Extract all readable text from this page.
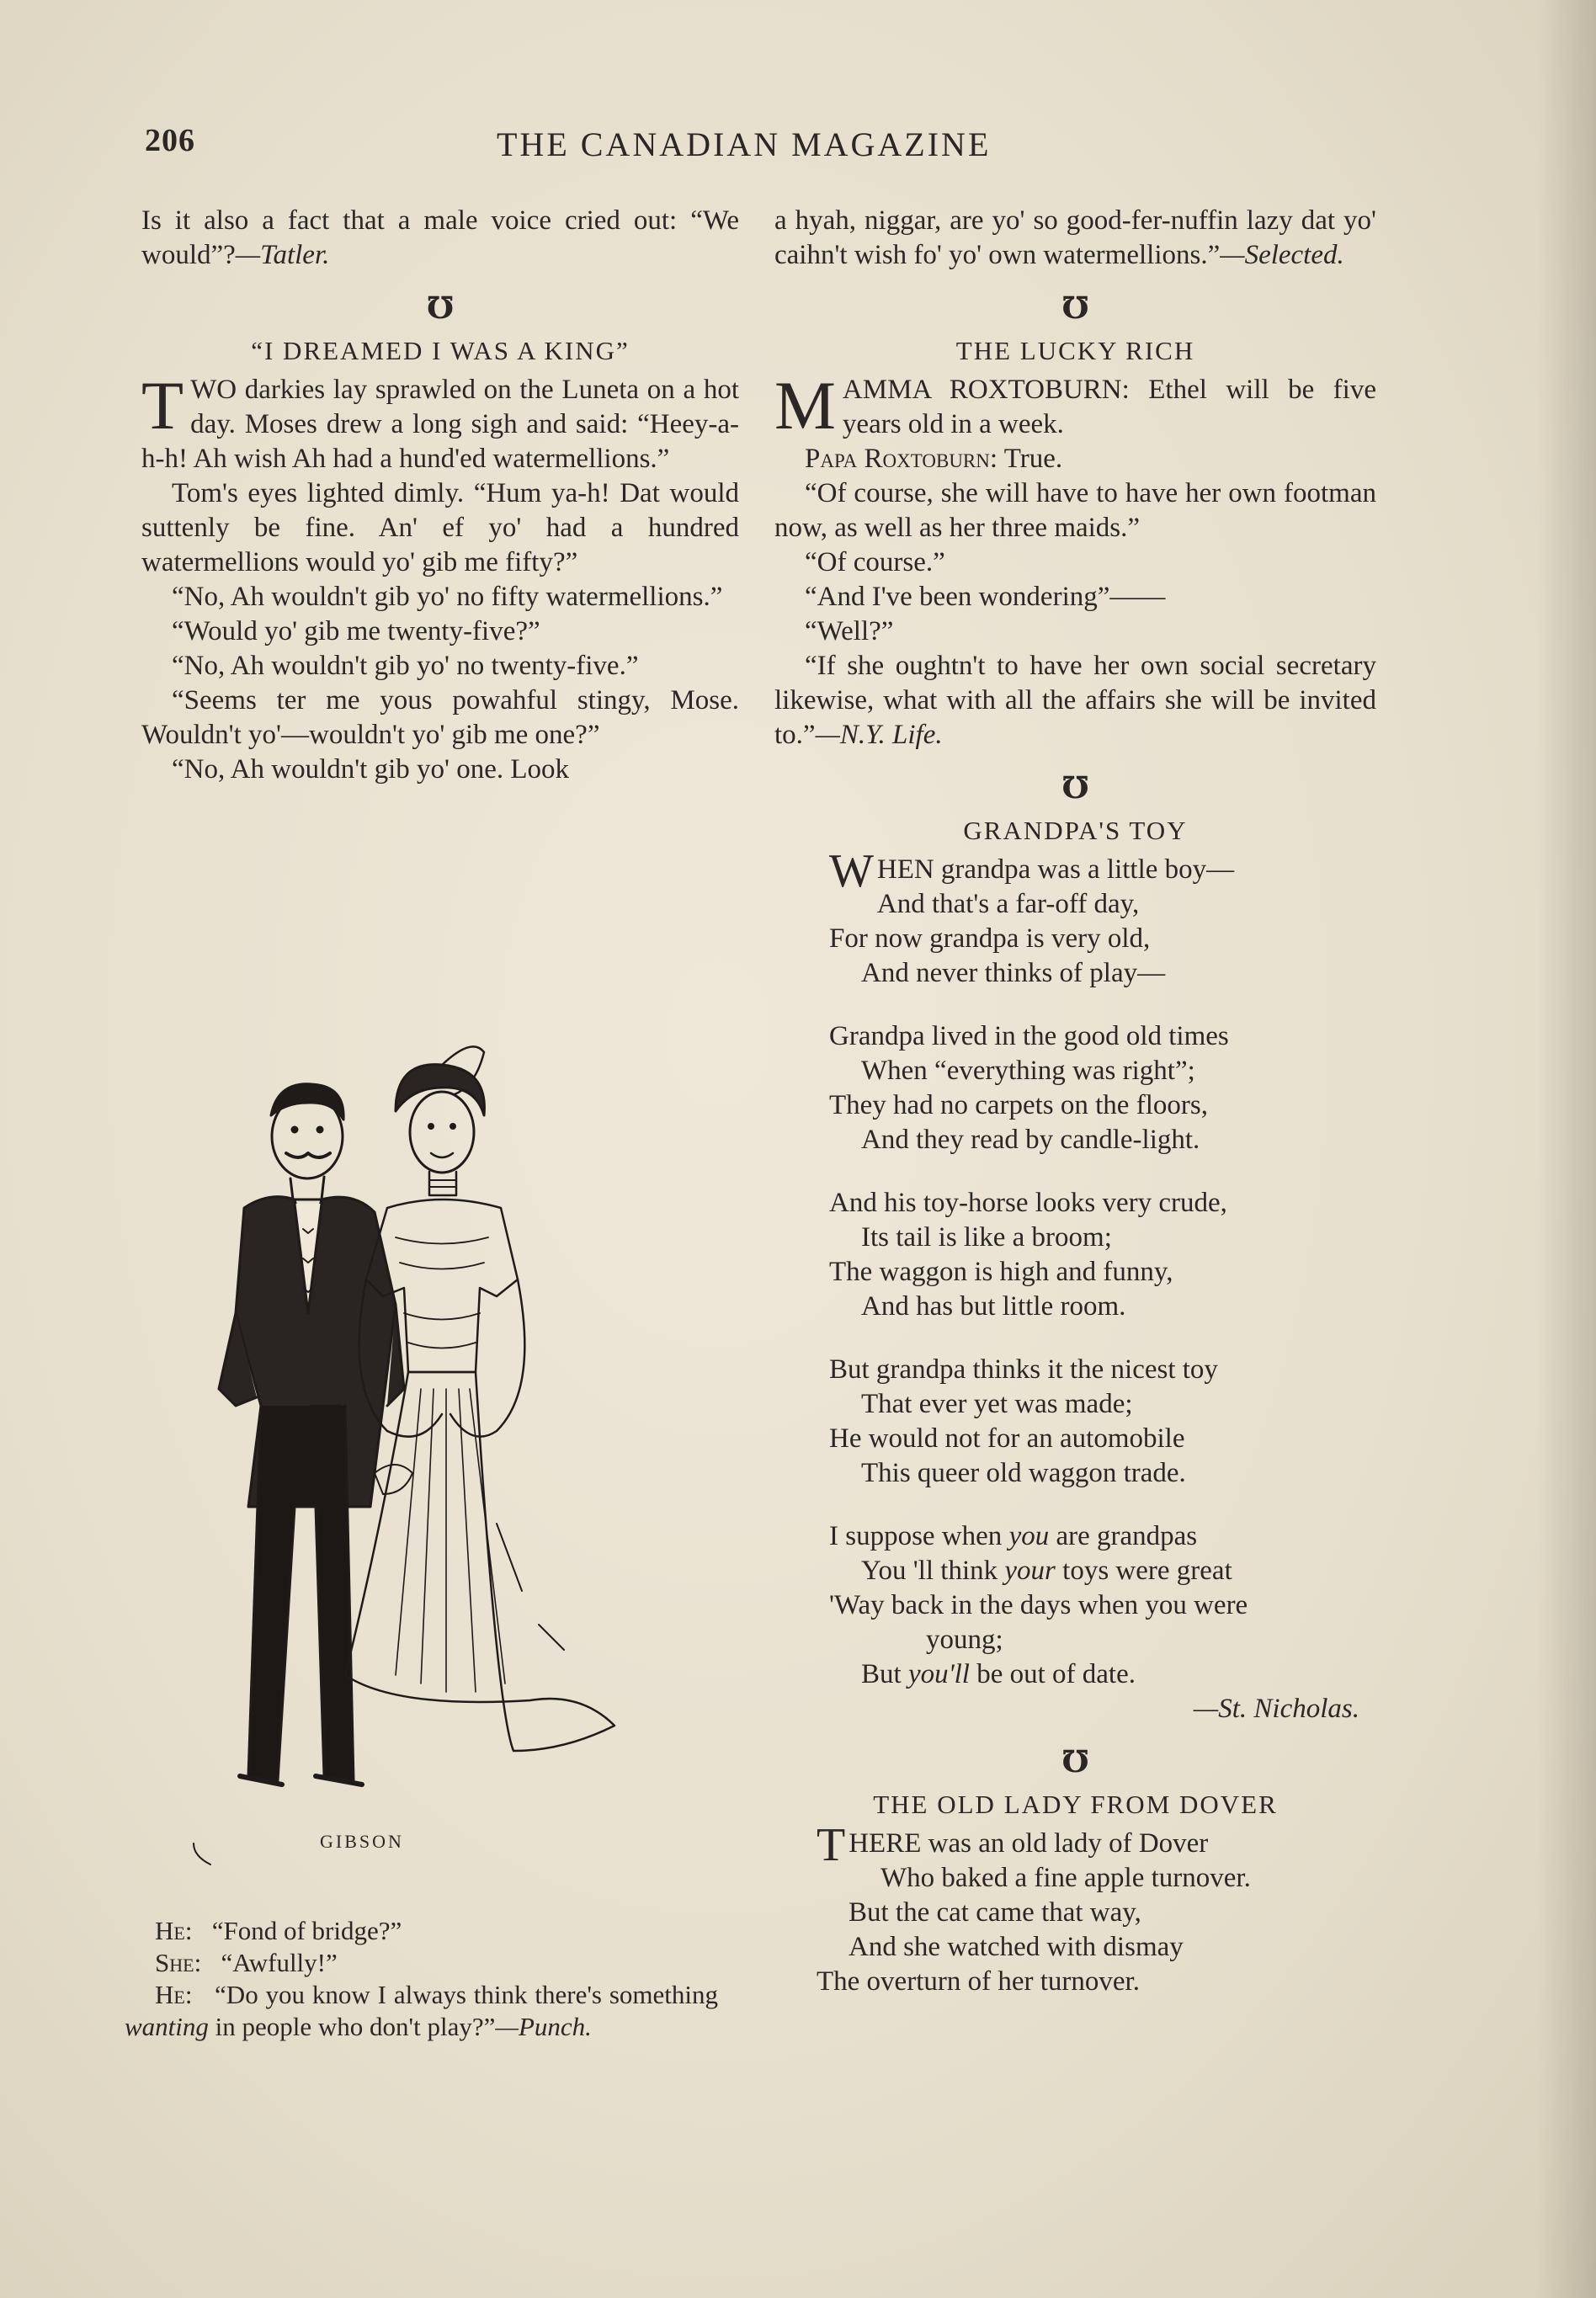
206	THE CANADIAN MAGAZINE

Is it also a fact that a male voice cried out: “We would”?—Tatler.

℧
“I DREAMED I WAS A KING”

TWO darkies lay sprawled on the Luneta on a hot day. Moses drew a long sigh and said: “Heey-a-h-h! Ah wish Ah had a hund'ed watermellions.”

Tom's eyes lighted dimly. “Hum ya-h! Dat would suttenly be fine. An' ef yo' had a hundred watermellions would yo' gib me fifty?”

“No, Ah wouldn't gib yo' no fifty watermellions.”

“Would yo' gib me twenty-five?”

“No, Ah wouldn't gib yo' no twenty-five.”

“Seems ter me yous powahful stingy, Mose. Wouldn't yo'—wouldn't yo' gib me one?”

“No, Ah wouldn't gib yo' one. Look

GIBSON

He: “Fond of bridge?”

She: “Awfully!”

He: “Do you know I always think there's something wanting in people who don't play?”—Punch.

a hyah, niggar, are yo' so good-fer-nuffin lazy dat yo' caihn't wish fo' yo' own watermellions.”—Selected.

℧
THE LUCKY RICH

MAMMA ROXTOBURN: Ethel will be five years old in a week.

Papa Roxtoburn: True.

“Of course, she will have to have her own footman now, as well as her three maids.”

“Of course.”

“And I've been wondering”——

“Well?”

“If she oughtn't to have her own social secretary likewise, what with all the affairs she will be invited to.”—N.Y. Life.

℧
GRANDPA'S TOY
WHEN grandpa was a little boy—
And that's a far-off day,
For now grandpa is very old,
And never thinks of play—
Grandpa lived in the good old times
When “everything was right”;
They had no carpets on the floors,
And they read by candle-light.
And his toy-horse looks very crude,
Its tail is like a broom;
The waggon is high and funny,
And has but little room.
But grandpa thinks it the nicest toy
That ever yet was made;
He would not for an automobile
This queer old waggon trade.
I suppose when you are grandpas
You 'll think your toys were great
'Way back in the days when you were
young;
But you'll be out of date.
—St. Nicholas.
℧
THE OLD LADY FROM DOVER
THERE was an old lady of Dover
Who baked a fine apple turnover.
But the cat came that way,
And she watched with dismay
The overturn of her turnover.
